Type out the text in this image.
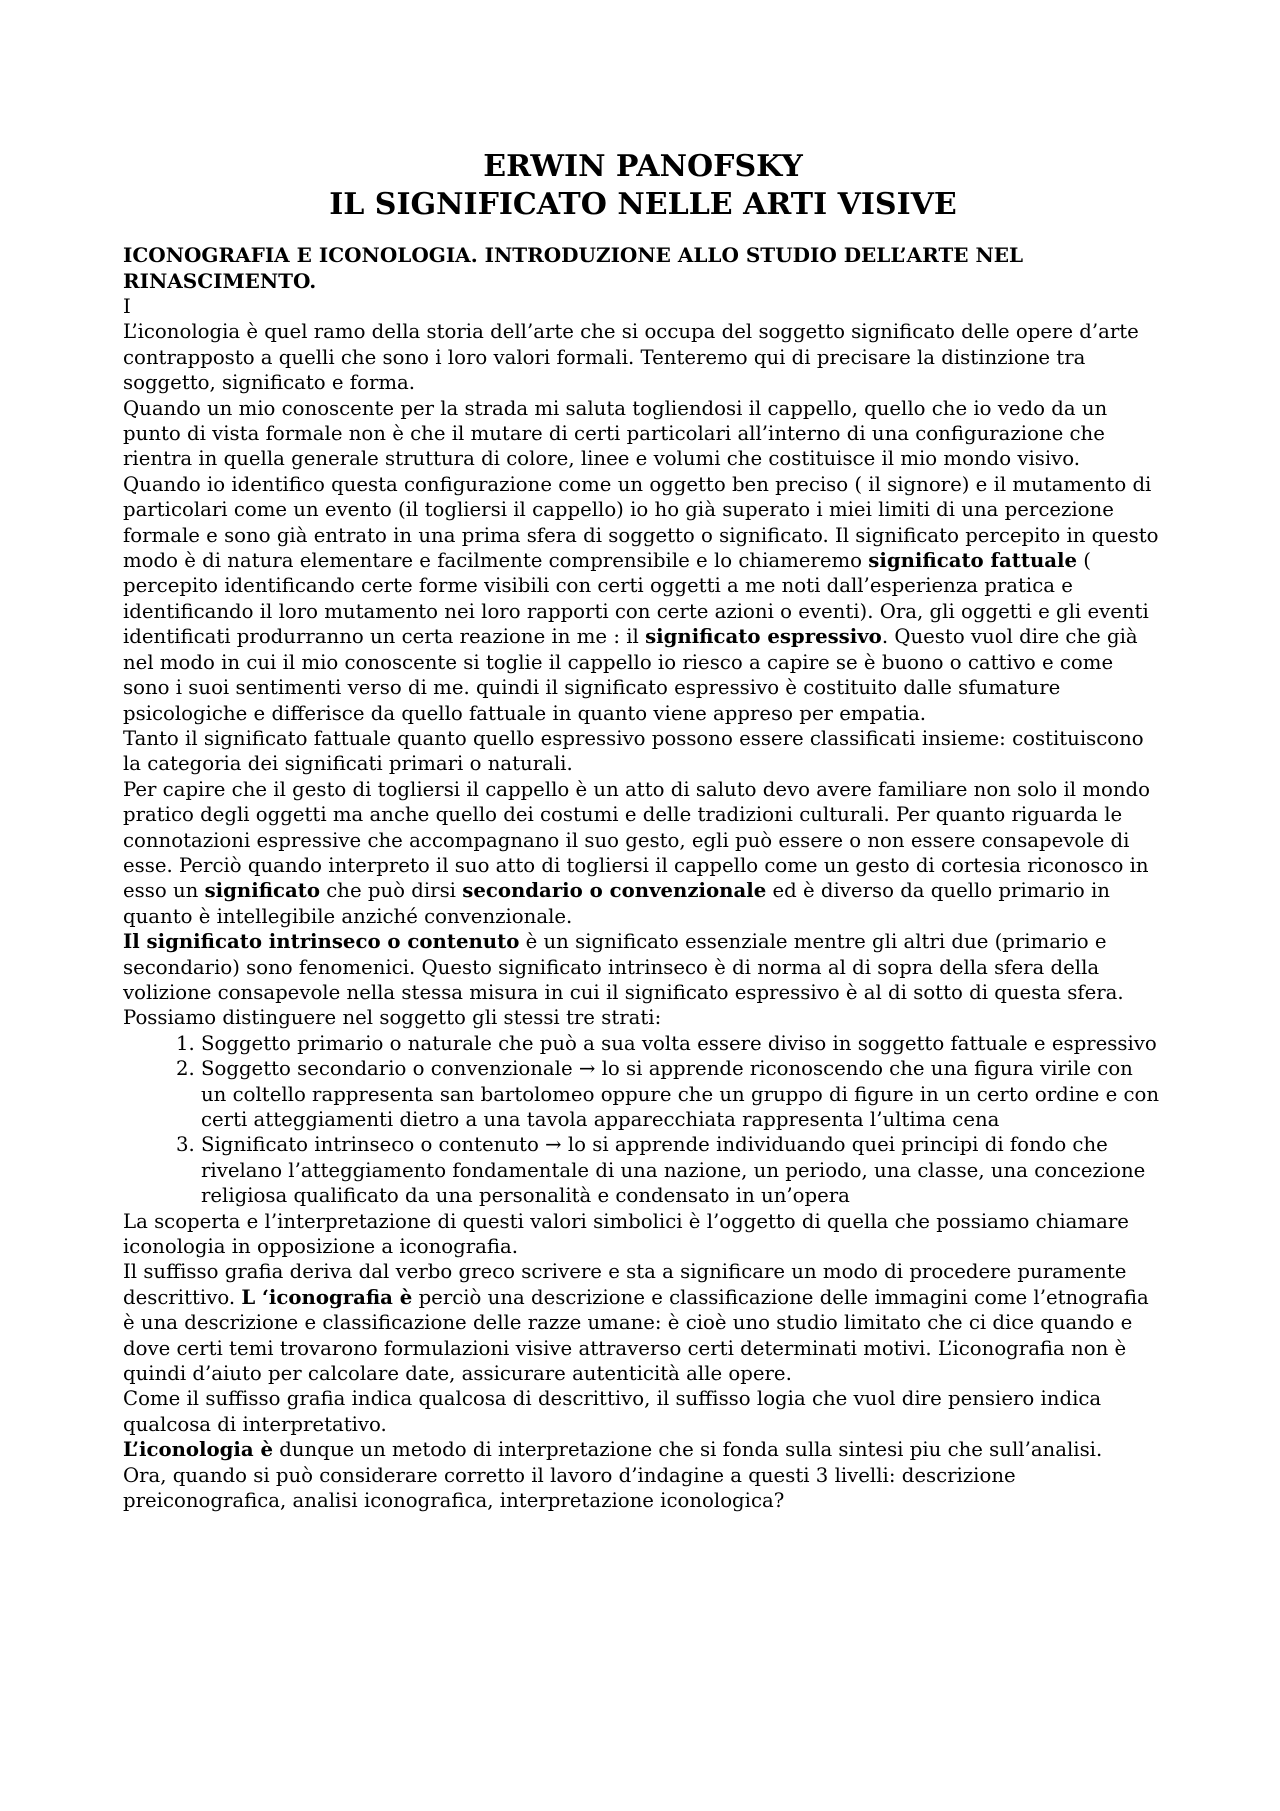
ERWIN PANOFSKY
IL SIGNIFICATO NELLE ARTI VISIVE

ICONOGRAFIA E ICONOLOGIA. INTRODUZIONE ALLO STUDIO DELL’ARTE NEL RINASCIMENTO.

I

L’iconologia è quel ramo della storia dell’arte che si occupa del soggetto significato delle opere d’arte contrapposto a quelli che sono i loro valori formali. Tenteremo qui di precisare la distinzione tra soggetto, significato e forma.

Quando un mio conoscente per la strada mi saluta togliendosi il cappello, quello che io vedo da un punto di vista formale non è che il mutare di certi particolari all’interno di una configurazione che rientra in quella generale struttura di colore, linee e volumi che costituisce il mio mondo visivo. Quando io identifico questa configurazione come un oggetto ben preciso ( il signore) e il mutamento di particolari come un evento (il togliersi il cappello) io ho già superato i miei limiti di una percezione formale e sono già entrato in una prima sfera di soggetto o significato. Il significato percepito in questo modo è di natura elementare e facilmente comprensibile e lo chiameremo significato fattuale ( percepito identificando certe forme visibili con certi oggetti a me noti dall’esperienza pratica e identificando il loro mutamento nei loro rapporti con certe azioni o eventi). Ora, gli oggetti e gli eventi identificati produrranno un certa reazione in me : il significato espressivo. Questo vuol dire che già nel modo in cui il mio conoscente si toglie il cappello io riesco a capire se è buono o cattivo e come sono i suoi sentimenti verso di me. quindi il significato espressivo è costituito dalle sfumature psicologiche e differisce da quello fattuale in quanto viene appreso per empatia.

Tanto il significato fattuale quanto quello espressivo possono essere classificati insieme: costituiscono la categoria dei significati primari o naturali.

Per capire che il gesto di togliersi il cappello è un atto di saluto devo avere familiare non solo il mondo pratico degli oggetti ma anche quello dei costumi e delle tradizioni culturali. Per quanto riguarda le connotazioni espressive che accompagnano il suo gesto, egli può essere o non essere consapevole di esse. Perciò quando interpreto il suo atto di togliersi il cappello come un gesto di cortesia riconosco in esso un significato che può dirsi secondario o convenzionale ed è diverso da quello primario in quanto è intellegibile anziché convenzionale.

Il significato intrinseco o contenuto è un significato essenziale mentre gli altri due (primario e secondario) sono fenomenici. Questo significato intrinseco è di norma al di sopra della sfera della volizione consapevole nella stessa misura in cui il significato espressivo è al di sotto di questa sfera.

Possiamo distinguere nel soggetto gli stessi tre strati:

1. Soggetto primario o naturale che può a sua volta essere diviso in soggetto fattuale e espressivo
2. Soggetto secondario o convenzionale → lo si apprende riconoscendo che una figura virile con un coltello rappresenta san bartolomeo oppure che un gruppo di figure in un certo ordine e con certi atteggiamenti dietro a una tavola apparecchiata rappresenta l’ultima cena
3. Significato intrinseco o contenuto → lo si apprende individuando quei principi di fondo che rivelano l’atteggiamento fondamentale di una nazione, un periodo, una classe, una concezione religiosa qualificato da una personalità e condensato in un’opera

La scoperta e l’interpretazione di questi valori simbolici è l’oggetto di quella che possiamo chiamare iconologia in opposizione a iconografia.

Il suffisso grafia deriva dal verbo greco scrivere e sta a significare un modo di procedere puramente descrittivo. L ‘iconografia è perciò una descrizione e classificazione delle immagini come l’etnografia è una descrizione e classificazione delle razze umane: è cioè uno studio limitato che ci dice quando e dove certi temi trovarono formulazioni visive attraverso certi determinati motivi. L’iconografia non è quindi d’aiuto per calcolare date, assicurare autenticità alle opere.

Come il suffisso grafia indica qualcosa di descrittivo, il suffisso logia che vuol dire pensiero indica qualcosa di interpretativo.

L’iconologia è dunque un metodo di interpretazione che si fonda sulla sintesi piu che sull’analisi.

Ora, quando si può considerare corretto il lavoro d’indagine a questi 3 livelli: descrizione preiconografica, analisi iconografica, interpretazione iconologica?
